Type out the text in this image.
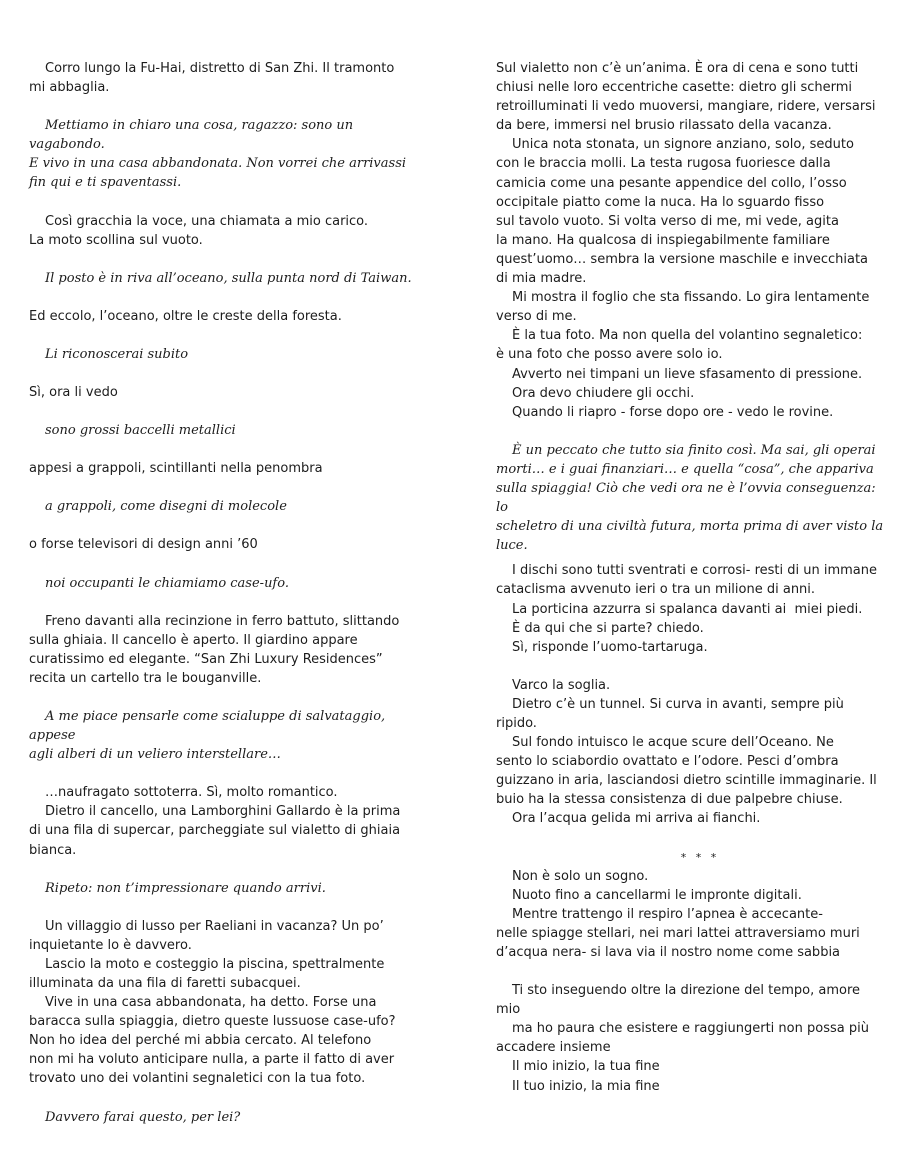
Corro lungo la Fu-Hai, distretto di San Zhi. Il tramonto
mi abbaglia.

Mettiamo in chiaro una cosa, ragazzo: sono un vagabondo.
E vivo in una casa abbandonata. Non vorrei che arrivassi
fin qui e ti spaventassi.

Così gracchia la voce, una chiamata a mio carico.
La moto scollina sul vuoto.

Il posto è in riva all’oceano, sulla punta nord di Taiwan.

Ed eccolo, l’oceano, oltre le creste della foresta.

Li riconoscerai subito

Sì, ora li vedo

sono grossi baccelli metallici

appesi a grappoli, scintillanti nella penombra

a grappoli, come disegni di molecole

o forse televisori di design anni ’60

noi occupanti le chiamiamo case-ufo.

Freno davanti alla recinzione in ferro battuto, slittando
sulla ghiaia. Il cancello è aperto. Il giardino appare
curatissimo ed elegante. “San Zhi Luxury Residences”
recita un cartello tra le bouganville.

A me piace pensarle come scialuppe di salvataggio, appese
agli alberi di un veliero interstellare…

…naufragato sottoterra. Sì, molto romantico.

Dietro il cancello, una Lamborghini Gallardo è la prima
di una fila di supercar, parcheggiate sul vialetto di ghiaia
bianca.

Ripeto: non t’impressionare quando arrivi.

Un villaggio di lusso per Raeliani in vacanza? Un po’
inquietante lo è davvero.

Lascio la moto e costeggio la piscina, spettralmente
illuminata da una fila di faretti subacquei.

Vive in una casa abbandonata, ha detto. Forse una
baracca sulla spiaggia, dietro queste lussuose case-ufo?
Non ho idea del perché mi abbia cercato. Al telefono
non mi ha voluto anticipare nulla, a parte il fatto di aver
trovato uno dei volantini segnaletici con la tua foto.

Davvero farai questo, per lei?

Sul vialetto non c’è un’anima. È ora di cena e sono tutti
chiusi nelle loro eccentriche casette: dietro gli schermi
retroilluminati li vedo muoversi, mangiare, ridere, versarsi
da bere, immersi nel brusio rilassato della vacanza.

Unica nota stonata, un signore anziano, solo, seduto
con le braccia molli. La testa rugosa fuoriesce dalla
camicia come una pesante appendice del collo, l’osso
occipitale piatto come la nuca. Ha lo sguardo fisso
sul tavolo vuoto. Si volta verso di me, mi vede, agita
la mano. Ha qualcosa di inspiegabilmente familiare
quest’uomo… sembra la versione maschile e invecchiata
di mia madre.

Mi mostra il foglio che sta fissando. Lo gira lentamente
verso di me.

È la tua foto. Ma non quella del volantino segnaletico:
è una foto che posso avere solo io.

Avverto nei timpani un lieve sfasamento di pressione.

Ora devo chiudere gli occhi.

Quando li riapro - forse dopo ore - vedo le rovine.

È un peccato che tutto sia finito così. Ma sai, gli operai
morti… e i guai finanziari… e quella “cosa”, che appariva
sulla spiaggia! Ciò che vedi ora ne è l’ovvia conseguenza: lo
scheletro di una civiltà futura, morta prima di aver visto la
luce.

I dischi sono tutti sventrati e corrosi- resti di un immane
cataclisma avvenuto ieri o tra un milione di anni.

La porticina azzurra si spalanca davanti ai  miei piedi.

È da qui che si parte? chiedo.

Sì, risponde l’uomo-tartaruga.

Varco la soglia.

Dietro c’è un tunnel. Si curva in avanti, sempre più
ripido.

Sul fondo intuisco le acque scure dell’Oceano. Ne
sento lo sciabordio ovattato e l’odore. Pesci d’ombra
guizzano in aria, lasciandosi dietro scintille immaginarie. Il
buio ha la stessa consistenza di due palpebre chiuse.

Ora l’acqua gelida mi arriva ai fianchi.

* * *

Non è solo un sogno.

Nuoto fino a cancellarmi le impronte digitali.

Mentre trattengo il respiro l’apnea è accecante-
nelle spiagge stellari, nei mari lattei attraversiamo muri
d’acqua nera- si lava via il nostro nome come sabbia

Ti sto inseguendo oltre la direzione del tempo, amore
mio

ma ho paura che esistere e raggiungerti non possa più
accadere insieme

Il mio inizio, la tua fine

Il tuo inizio, la mia fine
